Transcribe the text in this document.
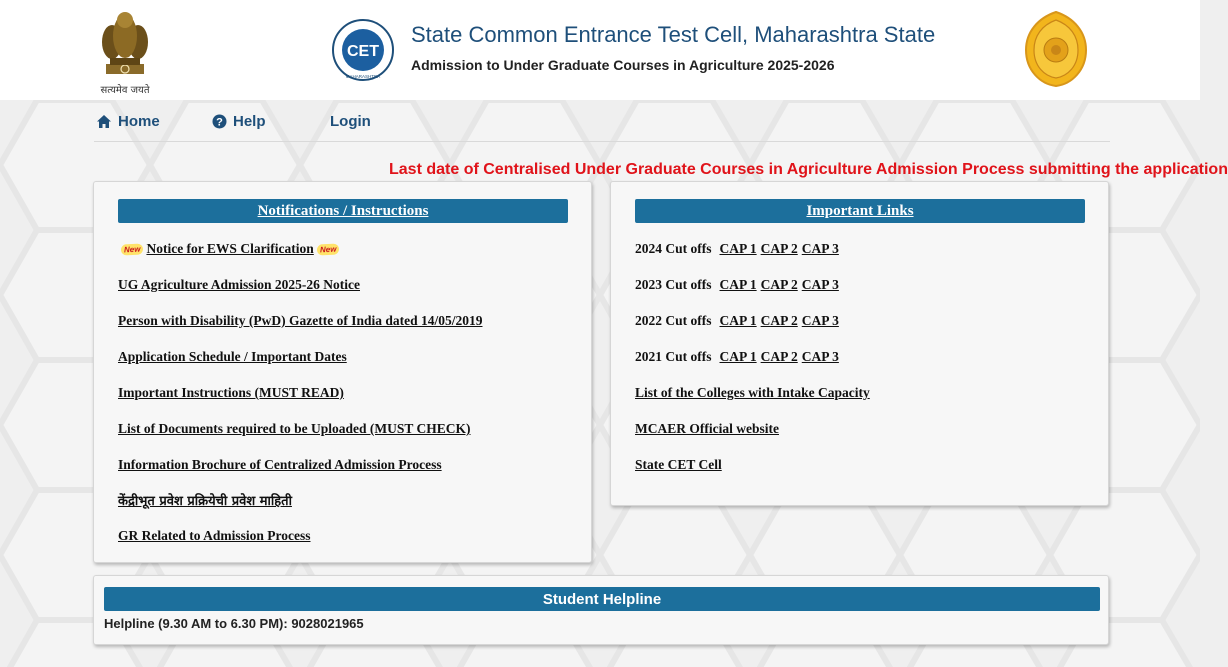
सत्यमेव जयते
CET
MAHARASHTRA
State Common Entrance Test Cell, Maharashtra State
Admission to Under Graduate Courses in Agriculture 2025-2026
Home	? Help	Login
Last date of Centralised Under Graduate Courses in Agriculture Admission Process submitting the application
Notifications / Instructions
New Notice for EWS Clarification New
UG Agriculture Admission 2025-26 Notice
Person with Disability (PwD) Gazette of India dated 14/05/2019
Application Schedule / Important Dates
Important Instructions (MUST READ)
List of Documents required to be Uploaded (MUST CHECK)
Information Brochure of Centralized Admission Process
केंद्रीभूत प्रवेश प्रक्रियेची प्रवेश माहिती
GR Related to Admission Process
Important Links
2024 Cut offs CAP 1 CAP 2 CAP 3
2023 Cut offs CAP 1 CAP 2 CAP 3
2022 Cut offs CAP 1 CAP 2 CAP 3
2021 Cut offs CAP 1 CAP 2 CAP 3
List of the Colleges with Intake Capacity
MCAER Official website
State CET Cell
Student Helpline
Helpline (9.30 AM to 6.30 PM): 9028021965
